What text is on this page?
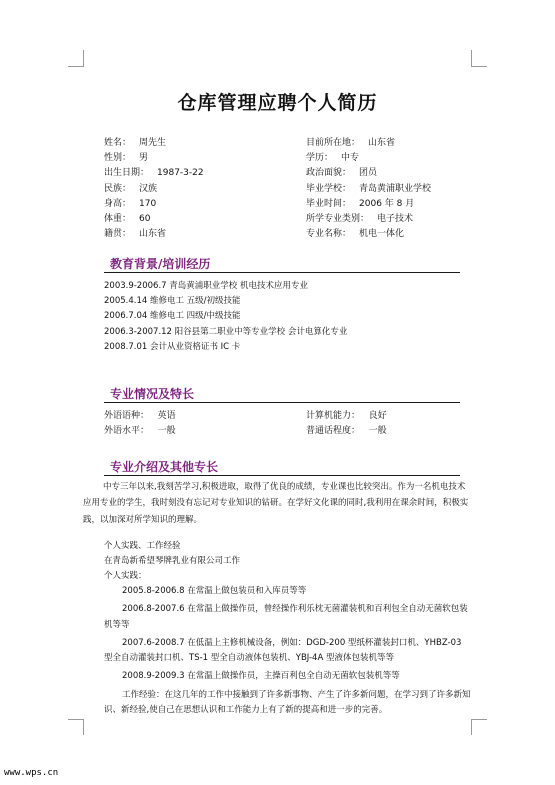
仓库管理应聘个人简历
姓名： 周先生	目前所在地： 山东省
性别： 男	学历： 中专
出生日期： 1987-3-22	政治面貌： 团员
民族： 汉族	毕业学校： 青岛黄浦职业学校
身高： 170	毕业时间： 2006 年 8 月
体重： 60	所学专业类别： 电子技术
籍贯： 山东省	专业名称： 机电一体化
教育背景/培训经历
2003.9-2006.7 青岛黄浦职业学校 机电技术应用专业
2005.4.14 维修电工 五级/初级技能
2006.7.04 维修电工 四级/中级技能
2006.3-2007.12 阳谷县第二职业中等专业学校 会计电算化专业
2008.7.01 会计从业资格证书 IC 卡
专业情况及特长
外语语种： 英语	计算机能力： 良好
外语水平： 一般	普通话程度： 一般
专业介绍及其他专长
中专三年以来,我刻苦学习,积极进取，取得了优良的成绩，专业课也比较突出。作为一名机电技术应用专业的学生，我时刻没有忘记对专业知识的钻研。在学好文化课的同时,我利用在课余时间，积极实践，以加深对所学知识的理解。
个人实践、工作经验
在青岛新希望琴牌乳业有限公司工作
个人实践：

2005.8-2006.8 在常温上做包装员和入库员等等

2006.8-2007.6 在常温上做操作员，曾经操作利乐枕无菌灌装机和百利包全自动无菌软包装机等等

2007.6-2008.7 在低温上主修机械设备，例如：DGD-200 型纸杯灌装封口机、YHBZ-03 型全自动灌装封口机、TS-1 型全自动液体包装机、YBJ-4A 型液体包装机等等

2008.9-2009.3 在常温上做操作员，主操百利包全自动无菌软包装机等等

工作经验：在这几年的工作中接触到了许多新事物、产生了许多新问题，在学习到了许多新知识、新经验,使自己在思想认识和工作能力上有了新的提高和进一步的完善。

www.wps.cn
